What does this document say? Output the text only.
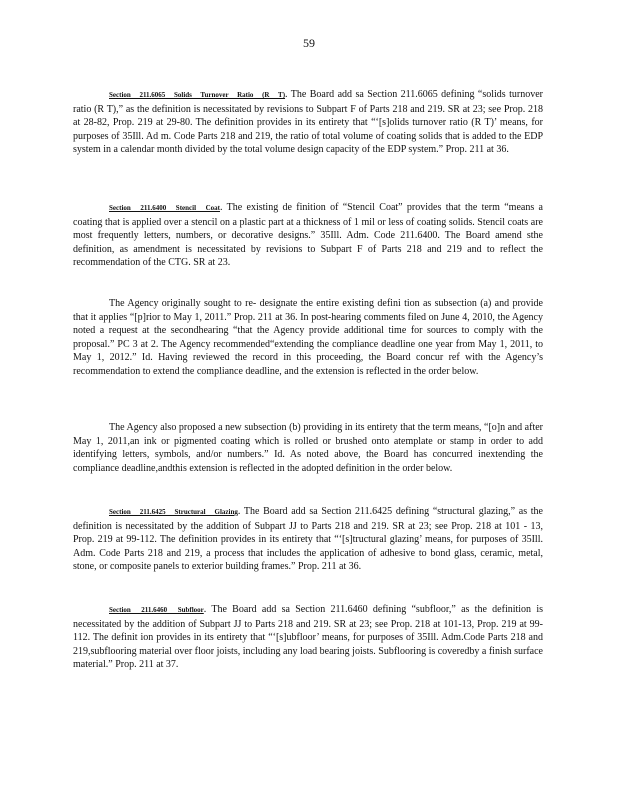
59
Section 211.6065 Solids Turnover Ratio (R T). The Board add sa Section 211.6065 defining “solids turnover ratio (R T),” as the definition is necessitated by revisions to Subpart F of Parts 218 and 219. SR at 23; see Prop. 218 at 28-82, Prop. 219 at 29-80. The definition provides in its entirety that “‘[s]olids turnover ratio (R T)’ means, for purposes of 35Ill. Ad m. Code Parts 218 and 219, the ratio of total volume of coating solids that is added to the EDP system in a calendar month divided by the total volume design capacity of the EDP system.” Prop. 211 at 36.
Section 211.6400 Stencil Coat. The existing de finition of “Stencil Coat” provides that the term “means a coating that is applied over a stencil on a plastic part at a thickness of 1 mil or less of coating solids. Stencil coats are most frequently letters, numbers, or decorative designs.” 35Ill. Adm. Code 211.6400. The Board amend sthe definition, as amendment is necessitated by revisions to Subpart F of Parts 218 and 219 and to reflect the recommendation of the CTG. SR at 23.
The Agency originally sought to re- designate the entire existing defini tion as subsection (a) and provide that it applies “[p]rior to May 1, 2011.” Prop. 211 at 36. In post-hearing comments filed on June 4, 2010, the Agency noted a request at the secondhearing “that the Agency provide additional time for sources to comply with the proposal.” PC 3 at 2. The Agency recommended“extending the compliance deadline one year from May 1, 2011, to May 1, 2012.” Id. Having reviewed the record in this proceeding, the Board concur ref with the Agency’s recommendation to extend the compliance deadline, and the extension is reflected in the order below.
The Agency also proposed a new subsection (b) providing in its entirety that the term means, “[o]n and after May 1, 2011,an ink or pigmented coating which is rolled or brushed onto atemplate or stamp in order to add identifying letters, symbols, and/or numbers.” Id. As noted above, the Board has concurred inextending the compliance deadline,andthis extension is reflected in the adopted definition in the order below.
Section 211.6425 Structural Glazing. The Board add sa Section 211.6425 defining “structural glazing,” as the definition is necessitated by the addition of Subpart JJ to Parts 218 and 219. SR at 23; see Prop. 218 at 101 - 13, Prop. 219 at 99-112. The definition provides in its entirety that “‘[s]tructural glazing’ means, for purposes of 35Ill. Adm. Code Parts 218 and 219, a process that includes the application of adhesive to bond glass, ceramic, metal, stone, or composite panels to exterior building frames.” Prop. 211 at 36.
Section 211.6460 Subfloor. The Board add sa Section 211.6460 defining “subfloor,” as the definition is necessitated by the addition of Subpart JJ to Parts 218 and 219. SR at 23; see Prop. 218 at 101-13, Prop. 219 at 99-112. The definit ion provides in its entirety that “‘[s]ubfloor’ means, for purposes of 35Ill. Adm.Code Parts 218 and 219,subflooring material over floor joists, including any load bearing joists. Subflooring is coveredby a finish surface material.” Prop. 211 at 37.
